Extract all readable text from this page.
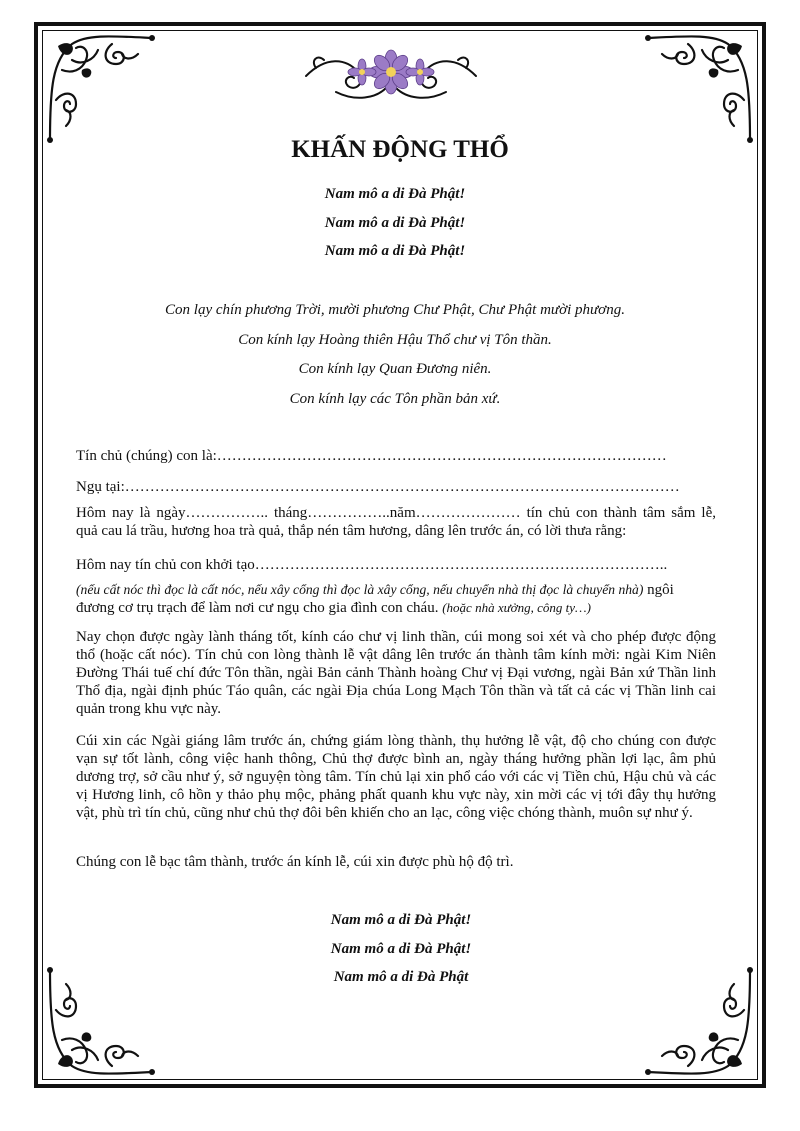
KHẤN ĐỘNG THỔ
Nam mô a di Đà Phật!
Nam mô a di Đà Phật!
Nam mô a di Đà Phật!
Con lạy chín phương Trời, mười phương Chư Phật, Chư Phật mười phương.
Con kính lạy Hoàng thiên Hậu Thổ chư vị Tôn thần.
Con kính lạy Quan Đương niên.
Con kính lạy các Tôn phần bản xứ.

Tín chủ (chúng) con là:………………………………………………………………………………

Ngụ tại:…………………………………………………………………………………………………

Hôm nay là ngày…………….. tháng……………..năm………………… tín chủ con thành tâm sắm lễ, quả cau lá trầu, hương hoa trà quả, thắp nén tâm hương, dâng lên trước án, có lời thưa rằng:

Hôm nay tín chủ con khởi tạo………………………………………………………………………..

(nếu cất nóc thì đọc là cất nóc, nếu xây cổng thì đọc là xây cổng, nếu chuyển nhà thị đọc là chuyển nhà) ngôi đương cơ trụ trạch để làm nơi cư ngụ cho gia đình con cháu. (hoặc nhà xưởng, công ty…)

Nay chọn được ngày lành tháng tốt, kính cáo chư vị linh thần, cúi mong soi xét và cho phép được động thổ (hoặc cất nóc). Tín chủ con lòng thành lễ vật dâng lên trước án thành tâm kính mời: ngài Kim Niên Đường Thái tuế chí đức Tôn thần, ngài Bản cảnh Thành hoàng Chư vị Đại vương, ngài Bản xứ Thần linh Thổ địa, ngài định phúc Táo quân, các ngài Địa chúa Long Mạch Tôn thần và tất cả các vị Thần linh cai quản trong khu vực này.

Cúi xin các Ngài giáng lâm trước án, chứng giám lòng thành, thụ hưởng lễ vật, độ cho chúng con được vạn sự tốt lành, công việc hanh thông, Chủ thợ được bình an, ngày tháng hưởng phần lợi lạc, âm phủ dương trợ, sở cầu như ý, sở nguyện tòng tâm. Tín chủ lại xin phổ cáo với các vị Tiền chủ, Hậu chủ và các vị Hương linh, cô hồn y thảo phụ mộc, phảng phất quanh khu vực này, xin mời các vị tới đây thụ hưởng vật, phù trì tín chủ, cũng như chủ thợ đôi bên khiến cho an lạc, công việc chóng thành, muôn sự như ý.

Chúng con lễ bạc tâm thành, trước án kính lễ, cúi xin được phù hộ độ trì.

Nam mô a di Đà Phật!
Nam mô a di Đà Phật!
Nam mô a di Đà Phật
